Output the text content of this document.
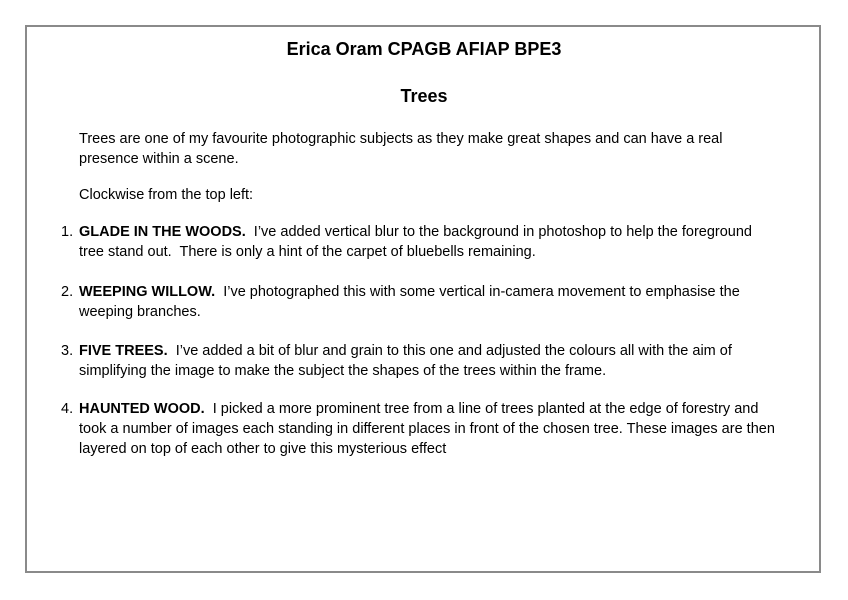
Erica Oram CPAGB AFIAP BPE3
Trees

Trees are one of my favourite photographic subjects as they make great shapes and can have a real presence within a scene.

Clockwise from the top left:

1. GLADE IN THE WOODS.  I’ve added vertical blur to the background in photoshop to help the foreground tree stand out.  There is only a hint of the carpet of bluebells remaining.
2. WEEPING WILLOW.  I’ve photographed this with some vertical in-camera movement to emphasise the weeping branches.
3. FIVE TREES.  I’ve added a bit of blur and grain to this one and adjusted the colours all with the aim of simplifying the image to make the subject the shapes of the trees within the frame.
4. HAUNTED WOOD.  I picked a more prominent tree from a line of trees planted at the edge of forestry and took a number of images each standing in different places in front of the chosen tree. These images are then layered on top of each other to give this mysterious effect
